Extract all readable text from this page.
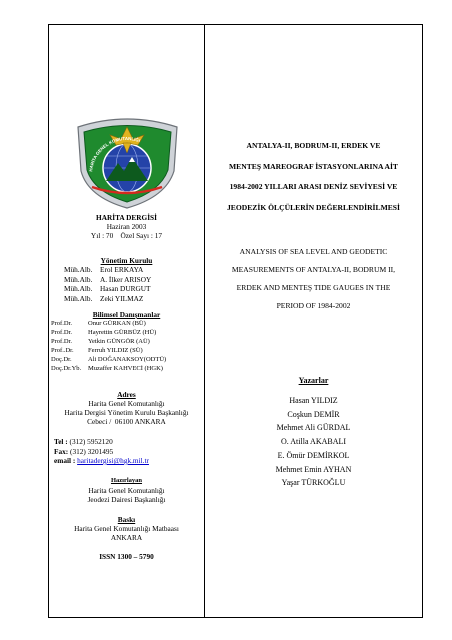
HARİTA GENEL KOMUTANLIĞI
HARİTA DERGİSİ
Haziran 2003
Yıl : 70    Özel Sayı : 17
Yönetim Kurulu
Müh.Alb. Erol ERKAYA
Müh.Alb. A. İlker ARISOY
Müh.Alb. Hasan DURGUT
Müh.Alb. Zeki YILMAZ
Bilimsel Danışmanlar
Prof.Dr.	Onur GÜRKAN (BÜ)
Prof.Dr.	Hayrettin GÜRBÜZ (HÜ)
Prof.Dr.	Yetkin GÜNGÖR (AÜ)
Prof..Dr.	Ferruh YILDIZ (SÜ)
Doç.Dr.	Ali DOĞANAKSOY(ODTÜ)
Doç.Dr.Yb.	Muzaffer KAHVECİ (HGK)
Adres
Harita Genel Komutanlığı
Harita Dergisi Yönetim Kurulu Başkanlığı
Cebeci /  06100 ANKARA
Tel : (312) 5952120
Fax: (312) 3201495
email : haritadergisi@hgk.mil.tr
Hazırlayan
Harita Genel Komutanlığı
Jeodezi Dairesi Başkanlığı
Baskı
Harita Genel Komutanlığı Matbaası
ANKARA
ISSN 1300 – 5790
ANTALYA-II, BODRUM-II, ERDEK VE
MENTEŞ MAREOGRAF İSTASYONLARINA AİT
1984-2002 YILLARI ARASI DENİZ SEVİYESİ VE
JEODEZİK ÖLÇÜLERİN DEĞERLENDİRİLMESİ
ANALYSIS OF SEA LEVEL AND GEODETIC
MEASUREMENTS OF ANTALYA-II, BODRUM II,
ERDEK AND MENTEŞ TIDE GAUGES IN THE
PERIOD OF 1984-2002
Yazarlar
Hasan YILDIZ
Coşkun DEMİR
Mehmet Ali GÜRDAL
O. Atilla AKABALI
E. Ömür DEMİRKOL
Mehmet Emin AYHAN
Yaşar TÜRKOĞLU
